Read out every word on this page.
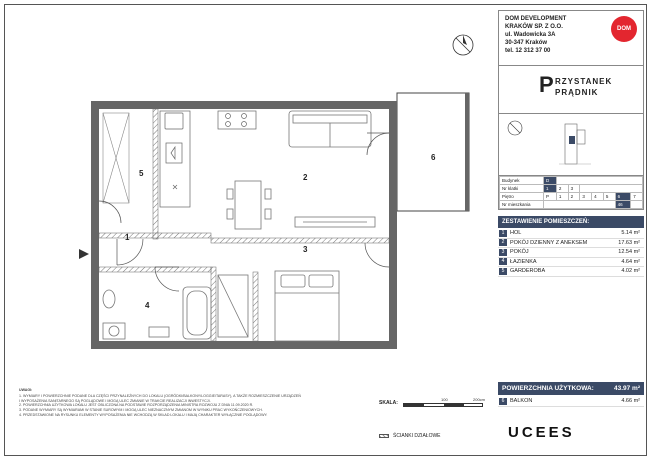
1
2
3
4
5
6
UWAGI:
1. WYMIARY I POWIERZCHNIE PODANE DLA CZĘŚCI PRZYNALEŻNYCH DO LOKALU (OGRÓDKI/BALKONY/LOGGIE/TARASY), A TAKŻE ROZMIESZCZENIE URZĄDZEŃ
I WYPOSAŻENIA SANITARNEGO SĄ POGLĄDOWE I MOGĄ ULEC ZMIANIE W TRAKCIE REALIZACJI INWESTYCJI.
2. POWIERZCHNIA UŻYTKOWA LOKALU JEST OBLICZONA NA PODSTAWIE ROZPORZĄDZENIA MINISTRA ROZWOJU Z DNIA 11.09.2020 R.
3. PODANE WYMIARY SĄ WYMIARAMI W STANIE SUROWYM I MOGĄ ULEC NIEZNACZNYM ZMIANOM W WYNIKU PRAC WYKOŃCZENIOWYCH.
4. PRZEDSTAWIONE NA RYSUNKU ELEMENTY WYPOSAŻENIA NIE WCHODZĄ W SKŁAD LOKALU I MAJĄ CHARAKTER WYŁĄCZNIE POGLĄDOWY.
SKALA:
100	200cm
ŚCIANKI DZIAŁOWE
DOM DEVELOPMENT
KRAKÓW SP. Z O.O.
ul. Wadowicka 3A
30-347 Kraków
tel. 12 312 37 00
DOM
P RZYSTANEK
PRĄDNIK
Budynek	D							
Nr klatki	1	2	3					
Piętro	P	1	2	3	4	5	6	7
Nr mieszkania							46	
ZESTAWIENIE POMIESZCZEŃ:
1	HOL	5.14 m²
2	POKÓJ DZIENNY Z ANEKSEM	17.63 m²
3	POKÓJ	12.54 m²
4	ŁAZIENKA	4.64 m²
5	GARDEROBA	4.02 m²
POWIERZCHNIA UŻYTKOWA:	43.97 m²
6	BALKON	4.66 m²
UCEES
